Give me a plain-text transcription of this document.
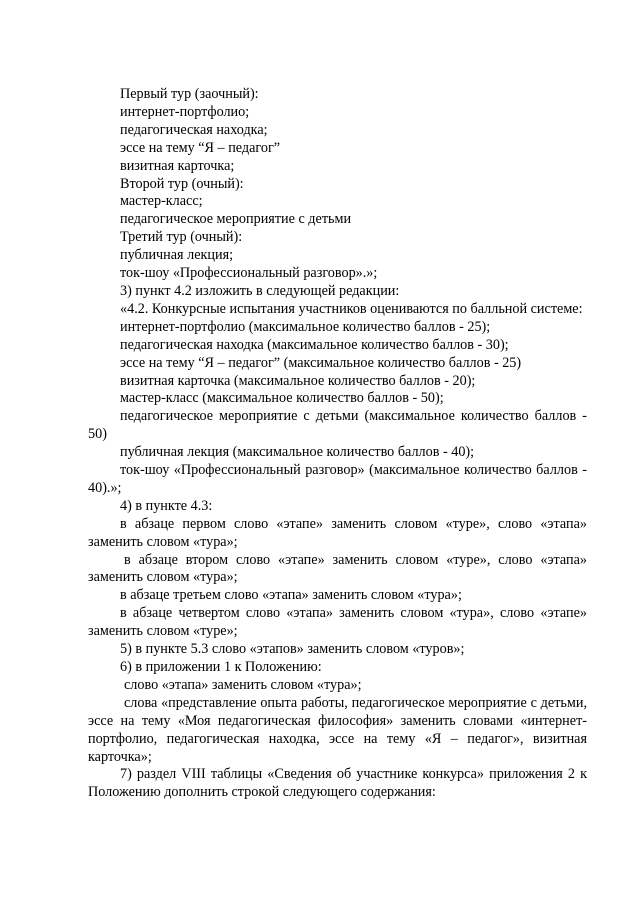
Первый тур (заочный):

интернет-портфолио;

педагогическая находка;

эссе на тему “Я – педагог”

визитная карточка;

Второй тур (очный):

мастер-класс;

педагогическое мероприятие с детьми

Третий тур (очный):

публичная лекция;

ток-шоу «Профессиональный разговор».»;

3) пункт 4.2 изложить в следующей редакции:

«4.2. Конкурсные испытания участников оцениваются по балльной системе:

интернет-портфолио (максимальное количество баллов - 25);

педагогическая находка (максимальное количество баллов - 30);

эссе на тему “Я – педагог” (максимальное количество баллов - 25)

визитная карточка (максимальное количество баллов - 20);

мастер-класс (максимальное количество баллов - 50);

педагогическое мероприятие с детьми (максимальное количество баллов - 50)

публичная лекция (максимальное количество баллов - 40);

ток-шоу «Профессиональный разговор» (максимальное количество баллов - 40).»;

4) в пункте 4.3:

в абзаце первом слово «этапе» заменить словом «туре», слово «этапа» заменить словом «тура»;

в абзаце втором слово «этапе» заменить словом «туре», слово «этапа» заменить словом «тура»;

в абзаце третьем слово «этапа» заменить словом «тура»;

в абзаце четвертом слово «этапа» заменить словом «тура», слово «этапе» заменить словом «туре»;

5) в пункте 5.3 слово «этапов» заменить словом «туров»;

6) в приложении 1 к Положению:

слово «этапа» заменить словом «тура»;

слова «представление опыта работы, педагогическое мероприятие с детьми, эссе на тему «Моя педагогическая философия» заменить словами «интернет-портфолио, педагогическая находка, эссе на тему «Я – педагог», визитная карточка»;

7) раздел VIII таблицы «Сведения об участнике конкурса» приложения 2 к Положению дополнить строкой следующего содержания:
